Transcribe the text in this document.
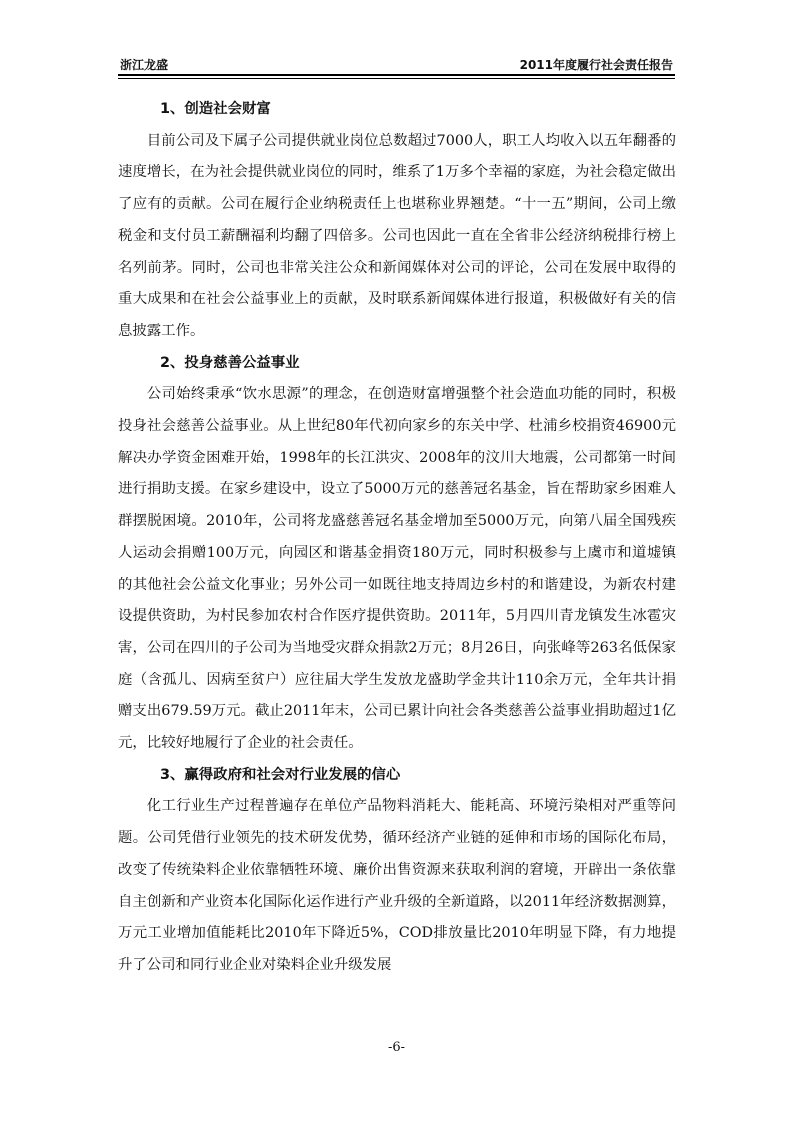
浙江龙盛	2011年度履行社会责任报告
1、创造社会财富

目前公司及下属子公司提供就业岗位总数超过7000人，职工人均收入以五年翻番的速度增长，在为社会提供就业岗位的同时，维系了1万多个幸福的家庭，为社会稳定做出了应有的贡献。公司在履行企业纳税责任上也堪称业界翘楚。“十一五”期间，公司上缴税金和支付员工薪酬福利均翻了四倍多。公司也因此一直在全省非公经济纳税排行榜上名列前茅。同时，公司也非常关注公众和新闻媒体对公司的评论，公司在发展中取得的重大成果和在社会公益事业上的贡献，及时联系新闻媒体进行报道，积极做好有关的信息披露工作。

2、投身慈善公益事业

公司始终秉承“饮水思源”的理念，在创造财富增强整个社会造血功能的同时，积极投身社会慈善公益事业。从上世纪80年代初向家乡的东关中学、杜浦乡校捐资46900元解决办学资金困难开始，1998年的长江洪灾、2008年的汶川大地震，公司都第一时间进行捐助支援。在家乡建设中，设立了5000万元的慈善冠名基金，旨在帮助家乡困难人群摆脱困境。2010年，公司将龙盛慈善冠名基金增加至5000万元，向第八届全国残疾人运动会捐赠100万元，向园区和谐基金捐资180万元，同时积极参与上虞市和道墟镇的其他社会公益文化事业；另外公司一如既往地支持周边乡村的和谐建设，为新农村建设提供资助，为村民参加农村合作医疗提供资助。2011年，5月四川青龙镇发生冰雹灾害，公司在四川的子公司为当地受灾群众捐款2万元；8月26日，向张峰等263名低保家庭（含孤儿、因病至贫户）应往届大学生发放龙盛助学金共计110余万元，全年共计捐赠支出679.59万元。截止2011年末，公司已累计向社会各类慈善公益事业捐助超过1亿元，比较好地履行了企业的社会责任。

3、赢得政府和社会对行业发展的信心

化工行业生产过程普遍存在单位产品物料消耗大、能耗高、环境污染相对严重等问题。公司凭借行业领先的技术研发优势，循环经济产业链的延伸和市场的国际化布局，改变了传统染料企业依靠牺牲环境、廉价出售资源来获取利润的窘境，开辟出一条依靠自主创新和产业资本化国际化运作进行产业升级的全新道路，以2011年经济数据测算，万元工业增加值能耗比2010年下降近5%，COD排放量比2010年明显下降，有力地提升了公司和同行业企业对染料企业升级发展

-6-
